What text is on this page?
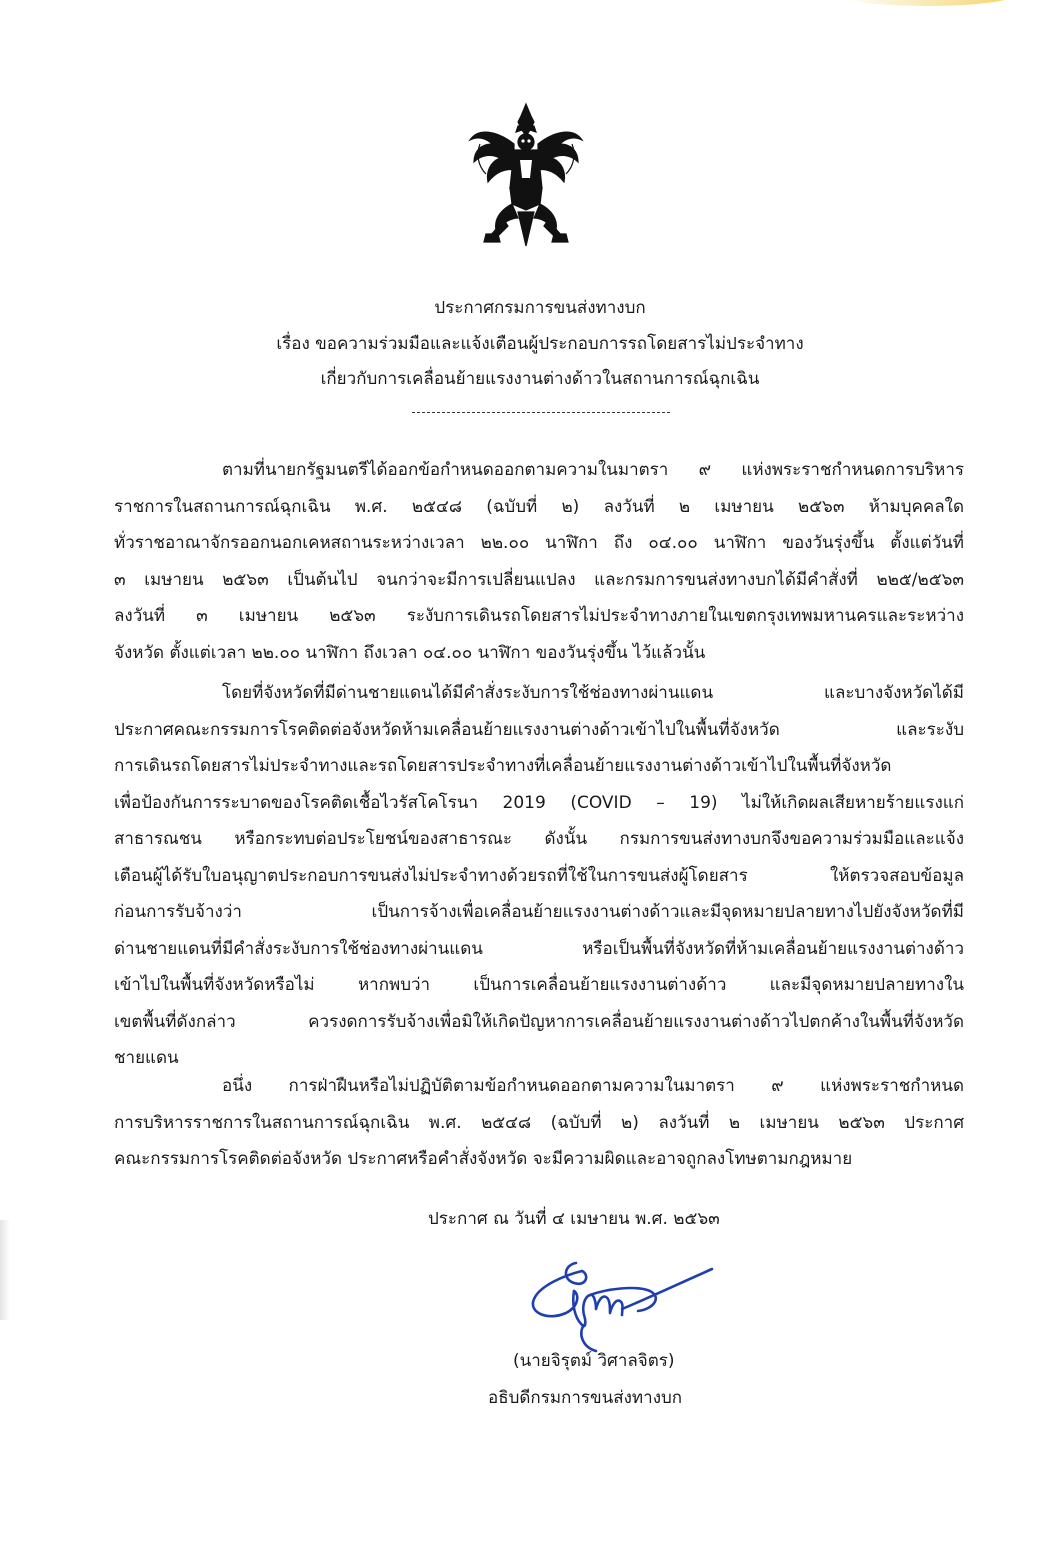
ประกาศกรมการขนส่งทางบก
เรื่อง ขอความร่วมมือและแจ้งเตือนผู้ประกอบการรถโดยสารไม่ประจำทาง
เกี่ยวกับการเคลื่อนย้ายแรงงานต่างด้าวในสถานการณ์ฉุกเฉิน
ตามที่นายกรัฐมนตรีได้ออกข้อกำหนดออกตามความในมาตรา ๙ แห่งพระราชกำหนดการบริหาร
ราชการในสถานการณ์ฉุกเฉิน พ.ศ. ๒๕๔๘ (ฉบับที่ ๒) ลงวันที่ ๒ เมษายน ๒๕๖๓ ห้ามบุคคลใด
ทั่วราชอาณาจักรออกนอกเคหสถานระหว่างเวลา ๒๒.๐๐ นาฬิกา ถึง ๐๔.๐๐ นาฬิกา ของวันรุ่งขึ้น ตั้งแต่วันที่
๓ เมษายน ๒๕๖๓ เป็นต้นไป จนกว่าจะมีการเปลี่ยนแปลง และกรมการขนส่งทางบกได้มีคำสั่งที่ ๒๒๕/๒๕๖๓
ลงวันที่ ๓ เมษายน ๒๕๖๓ ระงับการเดินรถโดยสารไม่ประจำทางภายในเขตกรุงเทพมหานครและระหว่าง
จังหวัด ตั้งแต่เวลา ๒๒.๐๐ นาฬิกา ถึงเวลา ๐๔.๐๐ นาฬิกา ของวันรุ่งขึ้น ไว้แล้วนั้น
โดยที่จังหวัดที่มีด่านชายแดนได้มีคำสั่งระงับการใช้ช่องทางผ่านแดน และบางจังหวัดได้มี
ประกาศคณะกรรมการโรคติดต่อจังหวัดห้ามเคลื่อนย้ายแรงงานต่างด้าวเข้าไปในพื้นที่จังหวัด และระงับ
การเดินรถโดยสารไม่ประจำทางและรถโดยสารประจำทางที่เคลื่อนย้ายแรงงานต่างด้าวเข้าไปในพื้นที่จังหวัด
เพื่อป้องกันการระบาดของโรคติดเชื้อไวรัสโคโรนา 2019 (COVID – 19) ไม่ให้เกิดผลเสียหายร้ายแรงแก่
สาธารณชน หรือกระทบต่อประโยชน์ของสาธารณะ ดังนั้น กรมการขนส่งทางบกจึงขอความร่วมมือและแจ้ง
เตือนผู้ได้รับใบอนุญาตประกอบการขนส่งไม่ประจำทางด้วยรถที่ใช้ในการขนส่งผู้โดยสาร ให้ตรวจสอบข้อมูล
ก่อนการรับจ้างว่า เป็นการจ้างเพื่อเคลื่อนย้ายแรงงานต่างด้าวและมีจุดหมายปลายทางไปยังจังหวัดที่มี
ด่านชายแดนที่มีคำสั่งระงับการใช้ช่องทางผ่านแดน หรือเป็นพื้นที่จังหวัดที่ห้ามเคลื่อนย้ายแรงงานต่างด้าว
เข้าไปในพื้นที่จังหวัดหรือไม่ หากพบว่า เป็นการเคลื่อนย้ายแรงงานต่างด้าว และมีจุดหมายปลายทางใน
เขตพื้นที่ดังกล่าว ควรงดการรับจ้างเพื่อมิให้เกิดปัญหาการเคลื่อนย้ายแรงงานต่างด้าวไปตกค้างในพื้นที่จังหวัด
ชายแดน
อนึ่ง การฝ่าฝืนหรือไม่ปฏิบัติตามข้อกำหนดออกตามความในมาตรา ๙ แห่งพระราชกำหนด
การบริหารราชการในสถานการณ์ฉุกเฉิน พ.ศ. ๒๕๔๘ (ฉบับที่ ๒) ลงวันที่ ๒ เมษายน ๒๕๖๓ ประกาศ
คณะกรรมการโรคติดต่อจังหวัด ประกาศหรือคำสั่งจังหวัด จะมีความผิดและอาจถูกลงโทษตามกฎหมาย
ประกาศ ณ วันที่ ๔ เมษายน พ.ศ. ๒๕๖๓
(นายจิรุตม์ วิศาลจิตร)
อธิบดีกรมการขนส่งทางบก
